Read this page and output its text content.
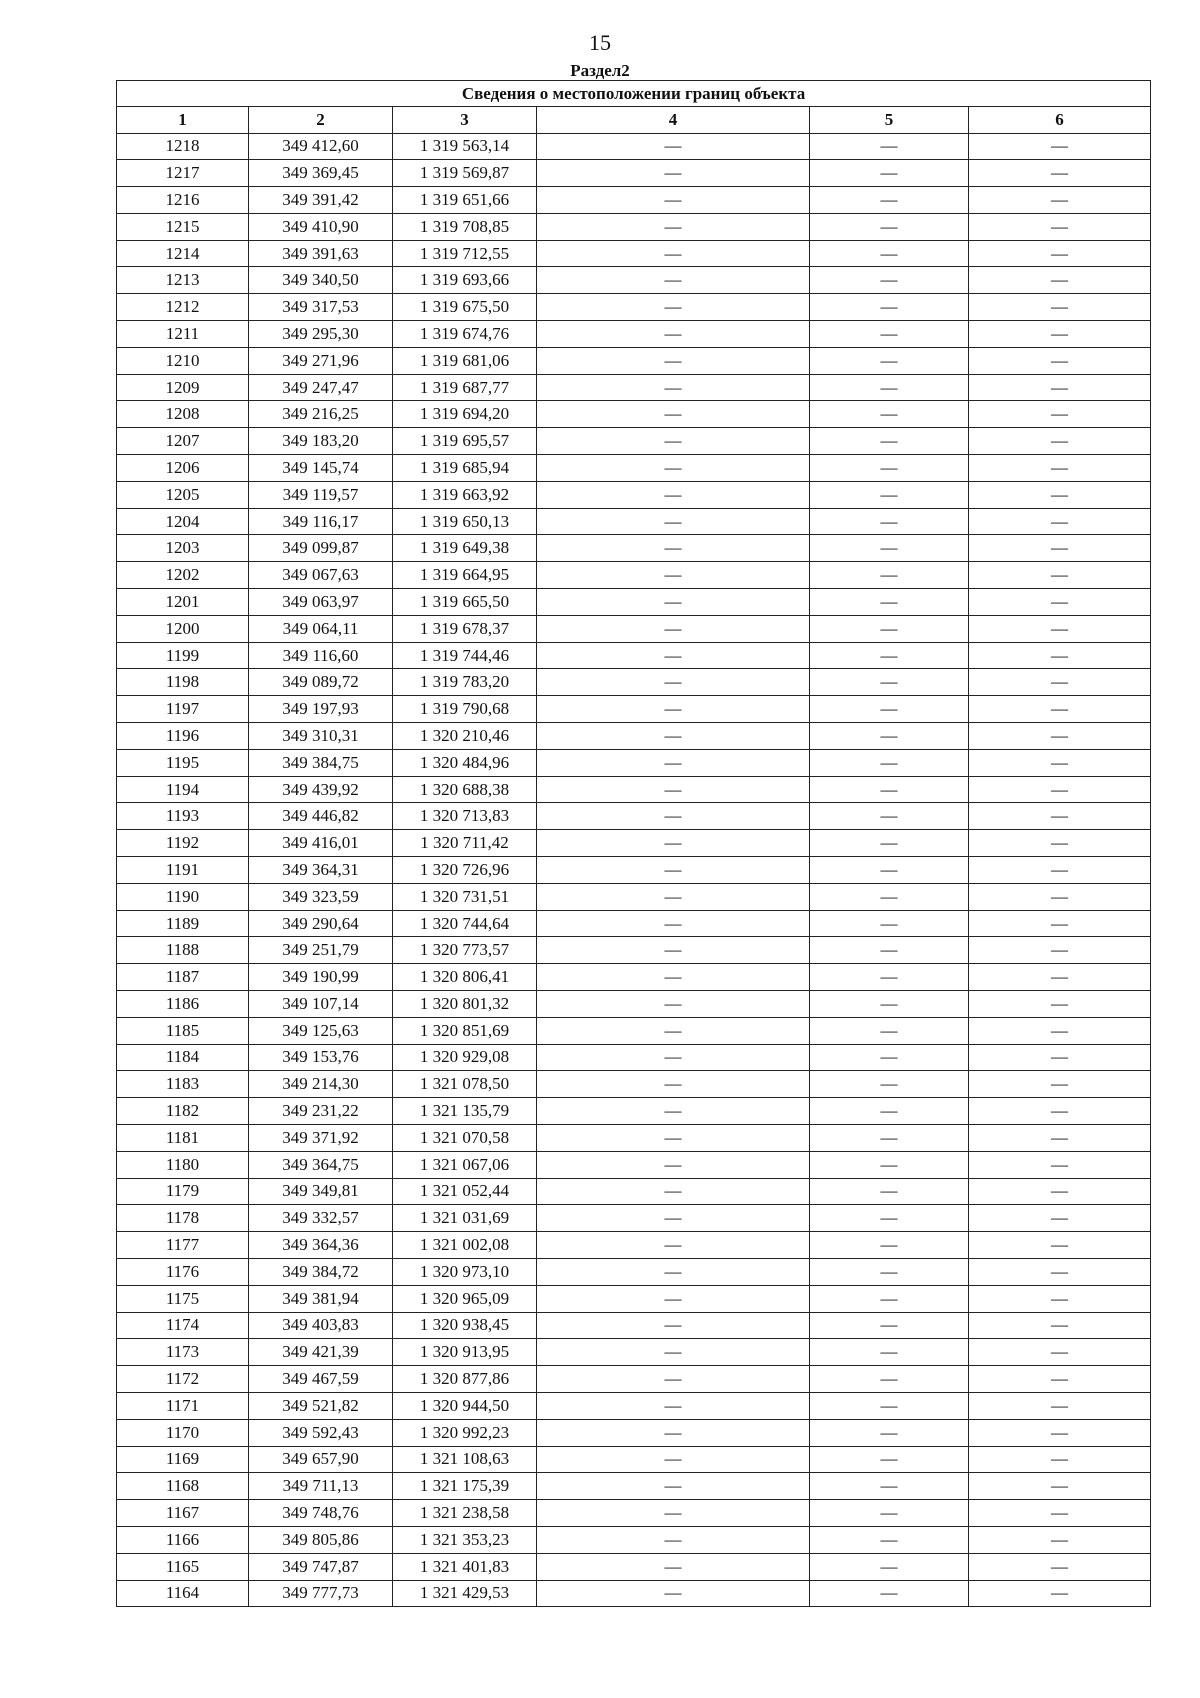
15
Раздел2
Сведения о местоположении границ объекта					
1	2	3	4	5	6
1218	349 412,60	1 319 563,14	—	—	—
1217	349 369,45	1 319 569,87	—	—	—
1216	349 391,42	1 319 651,66	—	—	—
1215	349 410,90	1 319 708,85	—	—	—
1214	349 391,63	1 319 712,55	—	—	—
1213	349 340,50	1 319 693,66	—	—	—
1212	349 317,53	1 319 675,50	—	—	—
1211	349 295,30	1 319 674,76	—	—	—
1210	349 271,96	1 319 681,06	—	—	—
1209	349 247,47	1 319 687,77	—	—	—
1208	349 216,25	1 319 694,20	—	—	—
1207	349 183,20	1 319 695,57	—	—	—
1206	349 145,74	1 319 685,94	—	—	—
1205	349 119,57	1 319 663,92	—	—	—
1204	349 116,17	1 319 650,13	—	—	—
1203	349 099,87	1 319 649,38	—	—	—
1202	349 067,63	1 319 664,95	—	—	—
1201	349 063,97	1 319 665,50	—	—	—
1200	349 064,11	1 319 678,37	—	—	—
1199	349 116,60	1 319 744,46	—	—	—
1198	349 089,72	1 319 783,20	—	—	—
1197	349 197,93	1 319 790,68	—	—	—
1196	349 310,31	1 320 210,46	—	—	—
1195	349 384,75	1 320 484,96	—	—	—
1194	349 439,92	1 320 688,38	—	—	—
1193	349 446,82	1 320 713,83	—	—	—
1192	349 416,01	1 320 711,42	—	—	—
1191	349 364,31	1 320 726,96	—	—	—
1190	349 323,59	1 320 731,51	—	—	—
1189	349 290,64	1 320 744,64	—	—	—
1188	349 251,79	1 320 773,57	—	—	—
1187	349 190,99	1 320 806,41	—	—	—
1186	349 107,14	1 320 801,32	—	—	—
1185	349 125,63	1 320 851,69	—	—	—
1184	349 153,76	1 320 929,08	—	—	—
1183	349 214,30	1 321 078,50	—	—	—
1182	349 231,22	1 321 135,79	—	—	—
1181	349 371,92	1 321 070,58	—	—	—
1180	349 364,75	1 321 067,06	—	—	—
1179	349 349,81	1 321 052,44	—	—	—
1178	349 332,57	1 321 031,69	—	—	—
1177	349 364,36	1 321 002,08	—	—	—
1176	349 384,72	1 320 973,10	—	—	—
1175	349 381,94	1 320 965,09	—	—	—
1174	349 403,83	1 320 938,45	—	—	—
1173	349 421,39	1 320 913,95	—	—	—
1172	349 467,59	1 320 877,86	—	—	—
1171	349 521,82	1 320 944,50	—	—	—
1170	349 592,43	1 320 992,23	—	—	—
1169	349 657,90	1 321 108,63	—	—	—
1168	349 711,13	1 321 175,39	—	—	—
1167	349 748,76	1 321 238,58	—	—	—
1166	349 805,86	1 321 353,23	—	—	—
1165	349 747,87	1 321 401,83	—	—	—
1164	349 777,73	1 321 429,53	—	—	—
